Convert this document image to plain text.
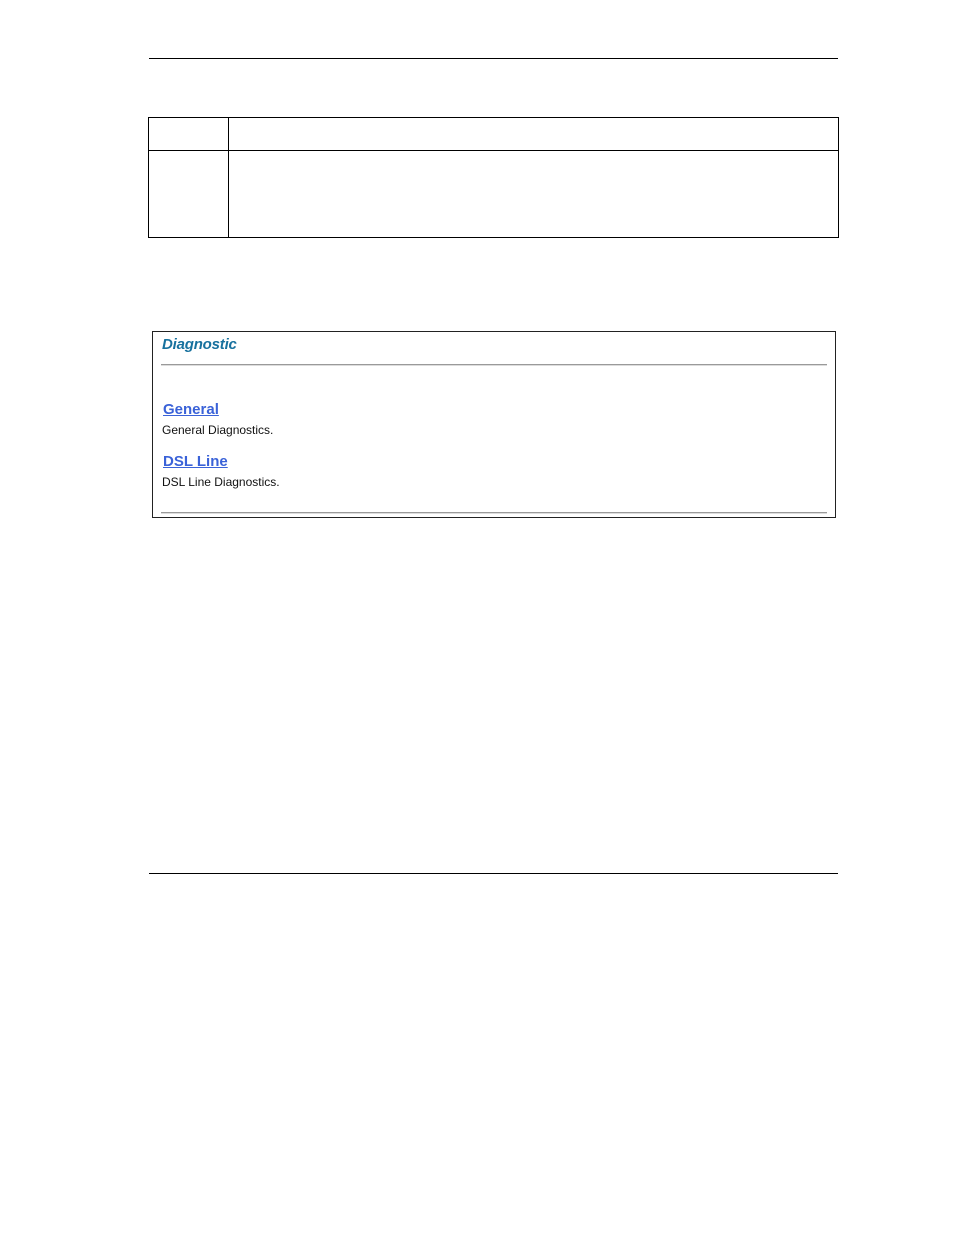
Diagnostic
General
General Diagnostics.
DSL Line
DSL Line Diagnostics.
